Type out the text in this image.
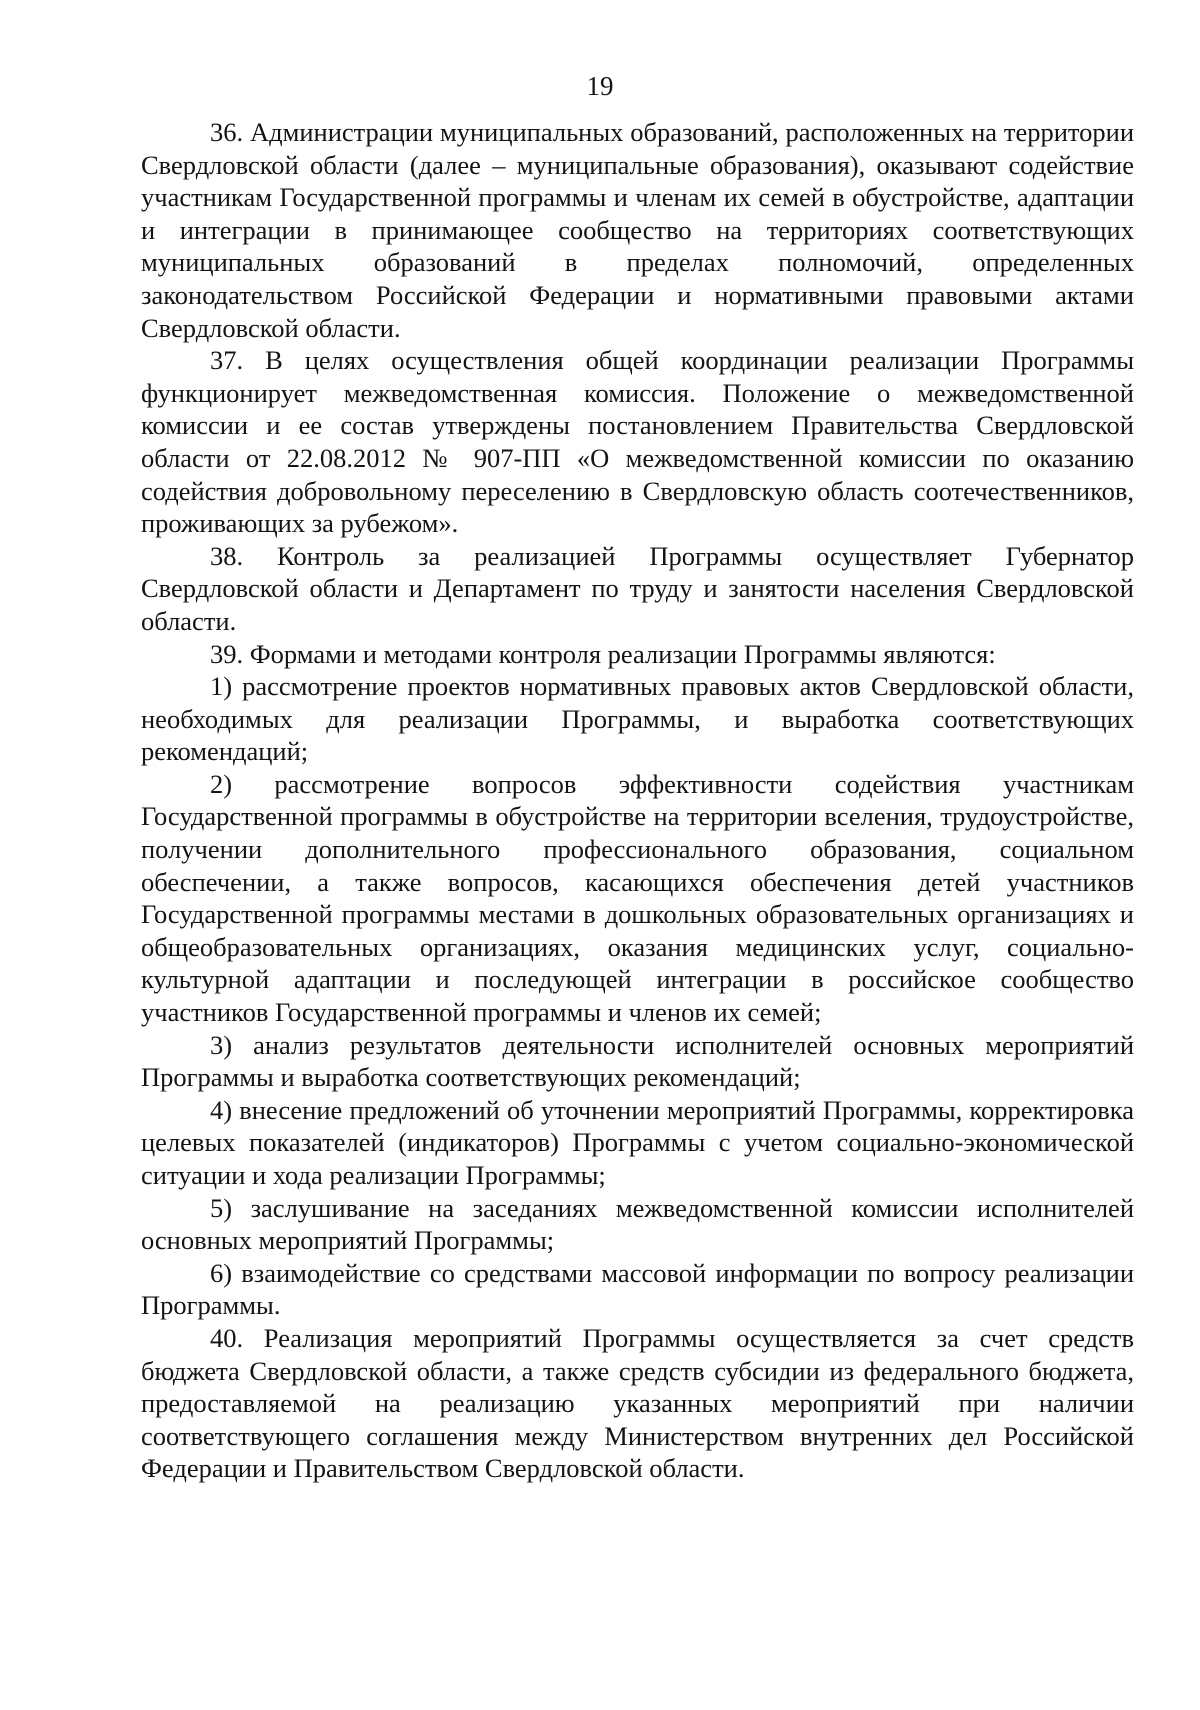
19

36. Администрации муниципальных образований, расположенных на территории Свердловской области (далее – муниципальные образования), оказывают содействие участникам Государственной программы и членам их семей в обустройстве, адаптации и интеграции в принимающее сообщество на территориях соответствующих муниципальных образований в пределах полномочий, определенных законодательством Российской Федерации и нормативными правовыми актами Свердловской области.

37. В целях осуществления общей координации реализации Программы функционирует межведомственная комиссия. Положение о межведомственной комиссии и ее состав утверждены постановлением Правительства Свердловской области от 22.08.2012 № 907-ПП «О межведомственной комиссии по оказанию содействия добровольному переселению в Свердловскую область соотечественников, проживающих за рубежом».

38. Контроль за реализацией Программы осуществляет Губернатор Свердловской области и Департамент по труду и занятости населения Свердловской области.

39. Формами и методами контроля реализации Программы являются:

1) рассмотрение проектов нормативных правовых актов Свердловской области, необходимых для реализации Программы, и выработка соответствующих рекомендаций;

2) рассмотрение вопросов эффективности содействия участникам Государственной программы в обустройстве на территории вселения, трудоустройстве, получении дополнительного профессионального образования, социальном обеспечении, а также вопросов, касающихся обеспечения детей участников Государственной программы местами в дошкольных образовательных организациях и общеобразовательных организациях, оказания медицинских услуг, социально-культурной адаптации и последующей интеграции в российское сообщество участников Государственной программы и членов их семей;

3) анализ результатов деятельности исполнителей основных мероприятий Программы и выработка соответствующих рекомендаций;

4) внесение предложений об уточнении мероприятий Программы, корректировка целевых показателей (индикаторов) Программы с учетом социально-экономической ситуации и хода реализации Программы;

5) заслушивание на заседаниях межведомственной комиссии исполнителей основных мероприятий Программы;

6) взаимодействие со средствами массовой информации по вопросу реализации Программы.

40. Реализация мероприятий Программы осуществляется за счет средств бюджета Свердловской области, а также средств субсидии из федерального бюджета, предоставляемой на реализацию указанных мероприятий при наличии соответствующего соглашения между Министерством внутренних дел Российской Федерации и Правительством Свердловской области.
